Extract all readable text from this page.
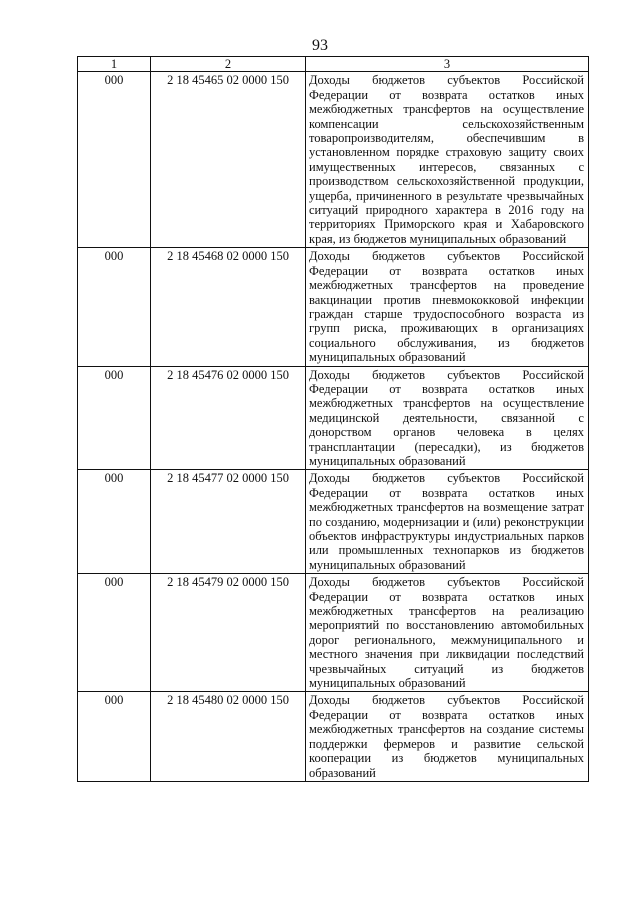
93
1	2	3
000	2 18 45465 02 0000 150	Доходы бюджетов субъектов Российской Федерации от возврата остатков иных межбюджетных трансфертов на осуществление компенсации сельскохозяйственным товаропроизводителям, обеспечившим в установленном порядке страховую защиту своих имущественных интересов, связанных с производством сельскохозяйственной продукции, ущерба, причиненного в результате чрезвычайных ситуаций природного характера в 2016 году на территориях Приморского края и Хабаровского края, из бюджетов муниципальных образований
000	2 18 45468 02 0000 150	Доходы бюджетов субъектов Российской Федерации от возврата остатков иных межбюджетных трансфертов на проведение вакцинации против пневмококковой инфекции граждан старше трудоспособного возраста из групп риска, проживающих в организациях социального обслуживания, из бюджетов муниципальных образований
000	2 18 45476 02 0000 150	Доходы бюджетов субъектов Российской Федерации от возврата остатков иных межбюджетных трансфертов на осуществление медицинской деятельности, связанной с донорством органов человека в целях трансплантации (пересадки), из бюджетов муниципальных образований
000	2 18 45477 02 0000 150	Доходы бюджетов субъектов Российской Федерации от возврата остатков иных межбюджетных трансфертов на возмещение затрат по созданию, модернизации и (или) реконструкции объектов инфраструктуры индустриальных парков или промышленных технопарков из бюджетов муниципальных образований
000	2 18 45479 02 0000 150	Доходы бюджетов субъектов Российской Федерации от возврата остатков иных межбюджетных трансфертов на реализацию мероприятий по восстановлению автомобильных дорог регионального, межмуниципального и местного значения при ликвидации последствий чрезвычайных ситуаций из бюджетов муниципальных образований
000	2 18 45480 02 0000 150	Доходы бюджетов субъектов Российской Федерации от возврата остатков иных межбюджетных трансфертов на создание системы поддержки фермеров и развитие сельской кооперации из бюджетов муниципальных образований
